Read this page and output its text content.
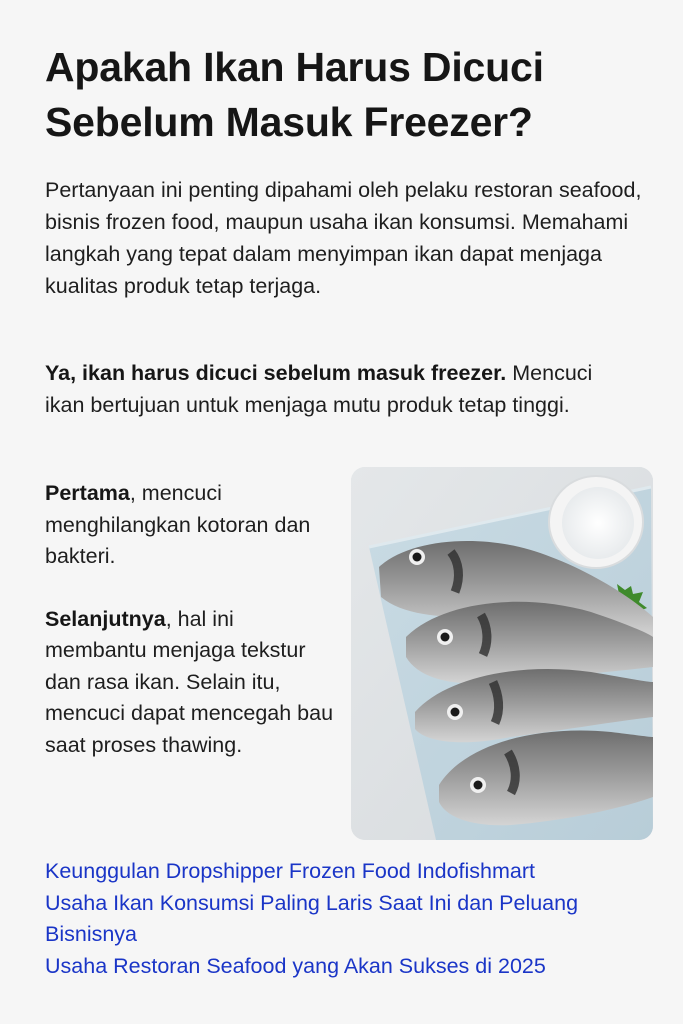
Apakah Ikan Harus Dicuci Sebelum Masuk Freezer?

Pertanyaan ini penting dipahami oleh pelaku restoran seafood, bisnis frozen food, maupun usaha ikan konsumsi. Memahami langkah yang tepat dalam menyimpan ikan dapat menjaga kualitas produk tetap terjaga.

Ya, ikan harus dicuci sebelum masuk freezer. Mencuci ikan bertujuan untuk menjaga mutu produk tetap tinggi.

Pertama, mencuci menghilangkan kotoran dan bakteri.

Selanjutnya, hal ini membantu menjaga tekstur dan rasa ikan. Selain itu, mencuci dapat mencegah bau saat proses thawing.

Keunggulan Dropshipper Frozen Food Indofishmart
Usaha Ikan Konsumsi Paling Laris Saat Ini dan Peluang Bisnisnya
Usaha Restoran Seafood yang Akan Sukses di 2025
